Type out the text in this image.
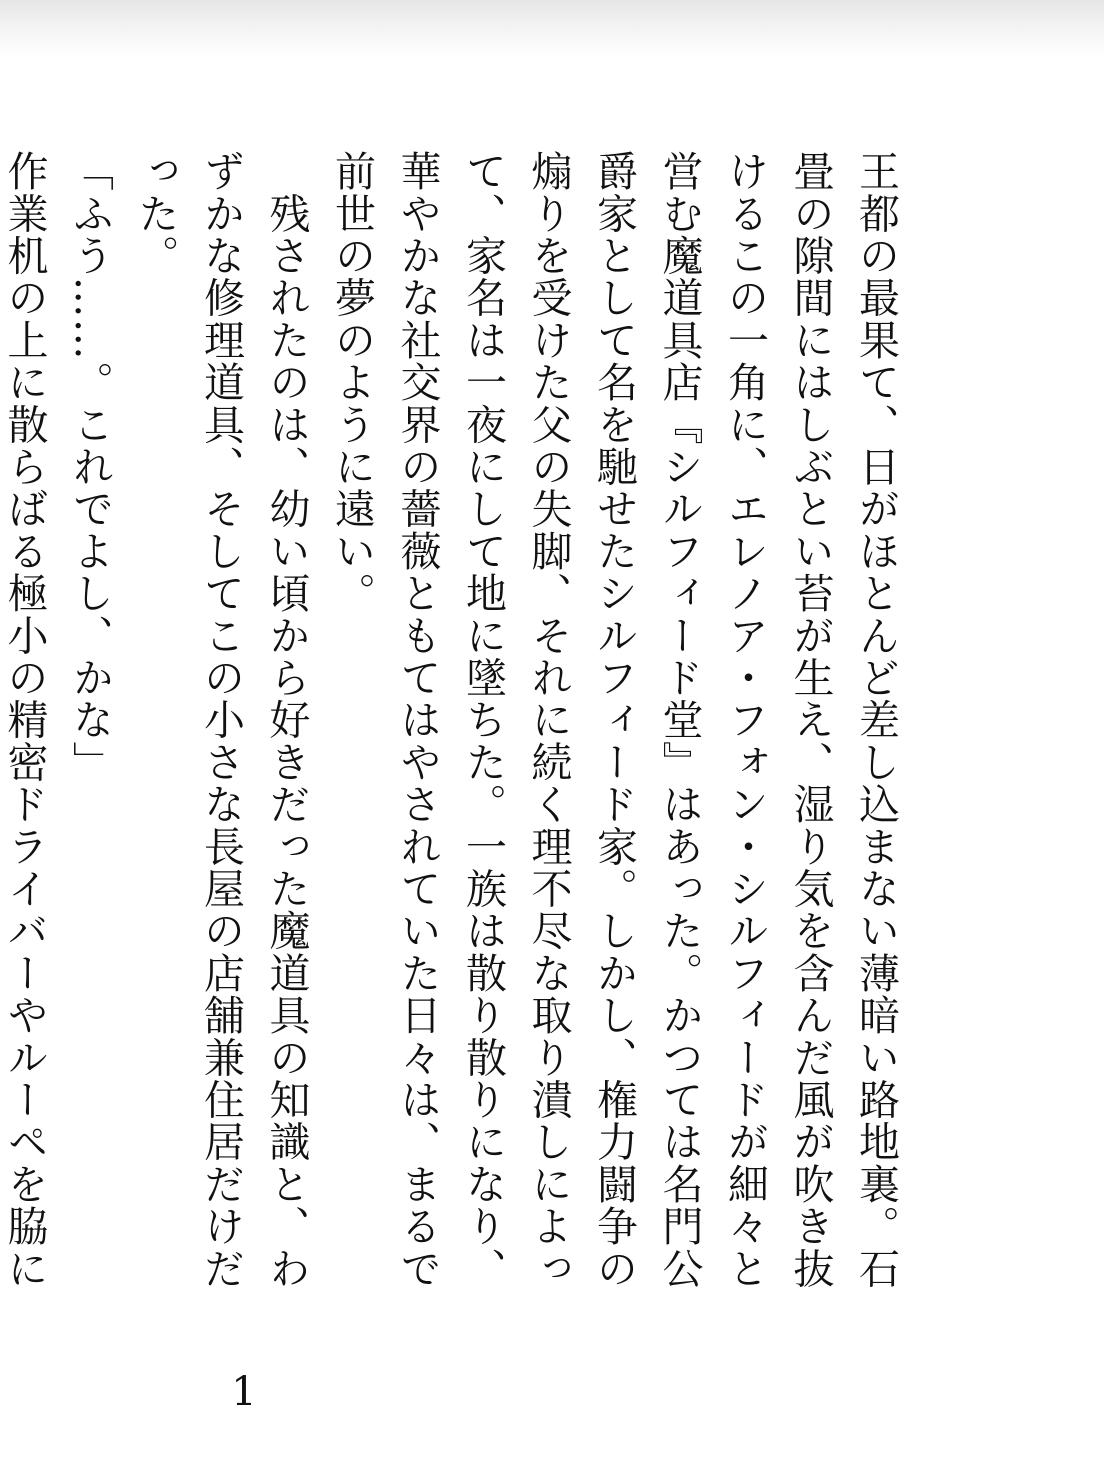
王都の最果て、日がほとんど差し込まない薄暗い路地裏。石畳の隙間にはしぶとい苔が生え、湿り気を含んだ風が吹き抜けるこの一角に、エレノア・フォン・シルフィードが細々と営む魔道具店『シルフィード堂』はあった。かつては名門公爵家として名を馳せたシルフィード家。しかし、権力闘争の煽りを受けた父の失脚、それに続く理不尽な取り潰しによって、家名は一夜にして地に墜ちた。一族は散り散りになり、華やかな社交界の薔薇ともてはやされていた日々は、まるで前世の夢のように遠い。

　残されたのは、幼い頃から好きだった魔道具の知識と、わずかな修理道具、そしてこの小さな長屋の店舗兼住居だけだった。

「ふう……。これでよし、かな」

作業机の上に散らばる極小の精密ドライバーやルーペを脇に

1
